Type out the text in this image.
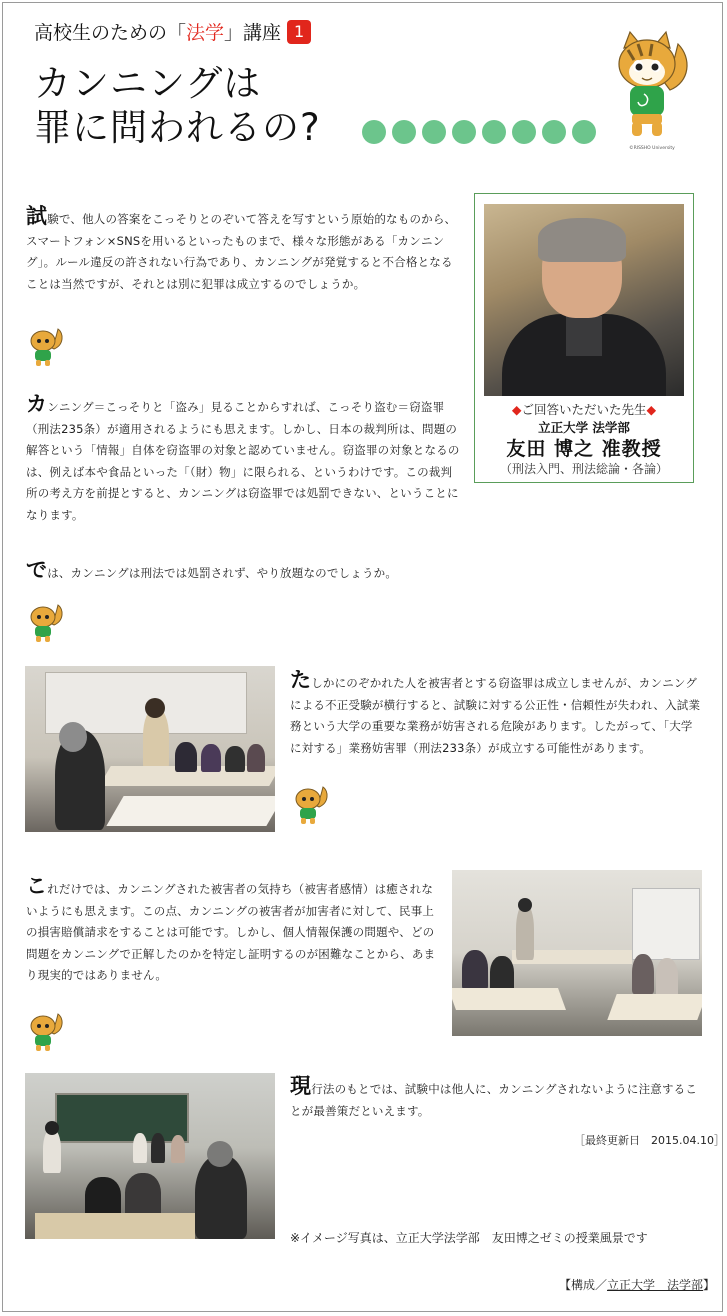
高校生のための「法学」講座 1
カンニングは
罪に問われるの?	©RISSHO University
試験で、他人の答案をこっそりとのぞいて答えを写すという原始的なものから、スマートフォン×SNSを用いるといったものまで、様々な形態がある「カンニング」。ルール違反の許されない行為であり、カンニングが発覚すると不合格となることは当然ですが、それとは別に犯罪は成立するのでしょうか。
◆ご回答いただいた先生◆
立正大学 法学部
友田 博之 准教授
（刑法入門、刑法総論・各論）
カンニング＝こっそりと「盗み」見ることからすれば、こっそり盗む＝窃盗罪（刑法235条）が適用されるようにも思えます。しかし、日本の裁判所は、問題の解答という「情報」自体を窃盗罪の対象と認めていません。窃盗罪の対象となるのは、例えば本や食品といった「（財）物」に限られる、というわけです。この裁判所の考え方を前提とすると、カンニングは窃盗罪では処罰できない、ということになります。
では、カンニングは刑法では処罰されず、やり放題なのでしょうか。
たしかにのぞかれた人を被害者とする窃盗罪は成立しませんが、カンニングによる不正受験が横行すると、試験に対する公正性・信頼性が失われ、入試業務という大学の重要な業務が妨害される危険があります。したがって、「大学に対する」業務妨害罪（刑法233条）が成立する可能性があります。
これだけでは、カンニングされた被害者の気持ち（被害者感情）は癒されないようにも思えます。この点、カンニングの被害者が加害者に対して、民事上の損害賠償請求をすることは可能です。しかし、個人情報保護の問題や、どの問題をカンニングで正解したのかを特定し証明するのが困難なことから、あまり現実的ではありません。
現行法のもとでは、試験中は他人に、カンニングされないように注意することが最善策だといえます。
［最終更新日　2015.04.10］
※イメージ写真は、立正大学法学部　友田博之ゼミの授業風景です
【構成／立正大学　法学部】
